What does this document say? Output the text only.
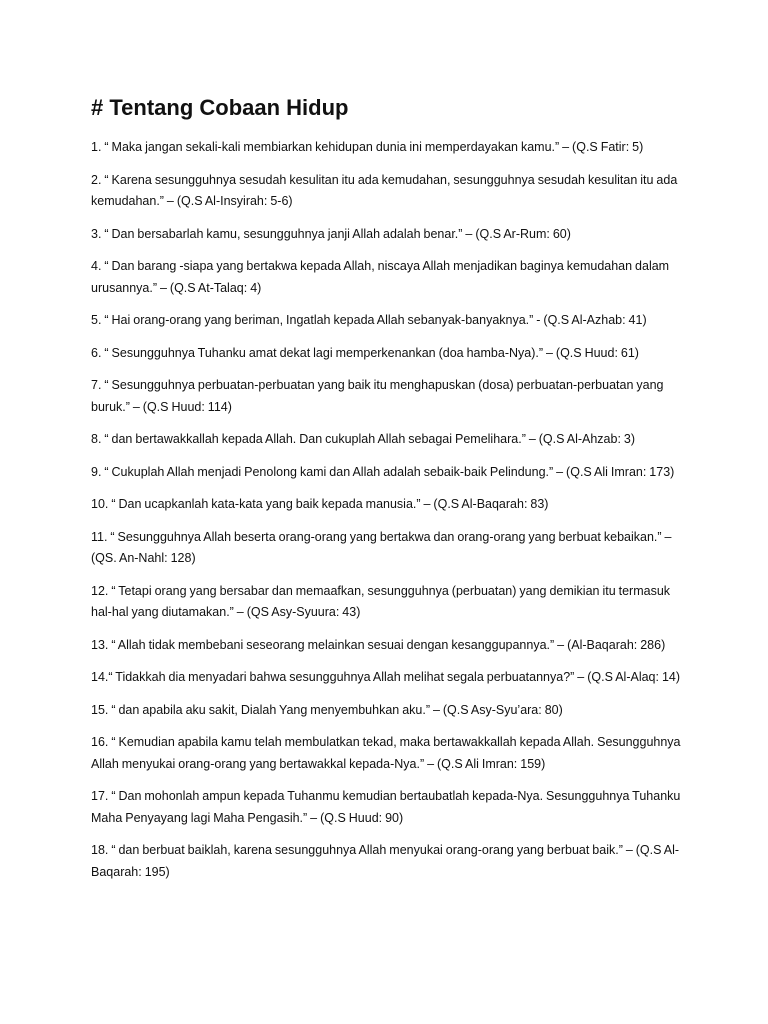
# Tentang Cobaan Hidup
1. “ Maka jangan sekali-kali membiarkan kehidupan dunia ini memperdayakan kamu.” – (Q.S Fatir: 5)
2. “ Karena sesungguhnya sesudah kesulitan itu ada kemudahan, sesungguhnya sesudah kesulitan itu ada kemudahan.” – (Q.S Al-Insyirah: 5-6)
3. “ Dan bersabarlah kamu, sesungguhnya janji Allah adalah benar.” – (Q.S Ar-Rum: 60)
4. “ Dan barang -siapa yang bertakwa kepada Allah, niscaya Allah menjadikan baginya kemudahan dalam urusannya.” – (Q.S At-Talaq: 4)
5. “ Hai orang-orang yang beriman, Ingatlah kepada Allah sebanyak-banyaknya.” - (Q.S Al-Azhab: 41)
6. “ Sesungguhnya Tuhanku amat dekat lagi memperkenankan (doa hamba-Nya).” – (Q.S Huud: 61)
7. “ Sesungguhnya perbuatan-perbuatan yang baik itu menghapuskan (dosa) perbuatan-perbuatan yang buruk.” – (Q.S Huud: 114)
8. “ dan bertawakkallah kepada Allah. Dan cukuplah Allah sebagai Pemelihara.” – (Q.S Al-Ahzab: 3)
9. “ Cukuplah Allah menjadi Penolong kami dan Allah adalah sebaik-baik Pelindung.” – (Q.S Ali Imran: 173)
10. “ Dan ucapkanlah kata-kata yang baik kepada manusia.” – (Q.S Al-Baqarah: 83)
11. “ Sesungguhnya Allah beserta orang-orang yang bertakwa dan orang-orang yang berbuat kebaikan.” –(QS. An-Nahl: 128)
12. “ Tetapi orang yang bersabar dan memaafkan, sesungguhnya (perbuatan) yang demikian itu termasuk hal-hal yang diutamakan.” – (QS Asy-Syuura: 43)
13. “ Allah tidak membebani seseorang melainkan sesuai dengan kesanggupannya.” – (Al-Baqarah: 286)
14.“ Tidakkah dia menyadari bahwa sesungguhnya Allah melihat segala perbuatannya?” – (Q.S Al-Alaq: 14)
15. “ dan apabila aku sakit, Dialah Yang menyembuhkan aku.” – (Q.S Asy-Syu’ara: 80)
16. “ Kemudian apabila kamu telah membulatkan tekad, maka bertawakkallah kepada Allah. Sesungguhnya Allah menyukai orang-orang yang bertawakkal kepada-Nya.” – (Q.S Ali Imran: 159)
17. “ Dan mohonlah ampun kepada Tuhanmu kemudian bertaubatlah kepada-Nya. Sesungguhnya Tuhanku Maha Penyayang lagi Maha Pengasih.” – (Q.S Huud: 90)
18. “ dan berbuat baiklah, karena sesungguhnya Allah menyukai orang-orang yang berbuat baik.” – (Q.S Al-Baqarah: 195)
